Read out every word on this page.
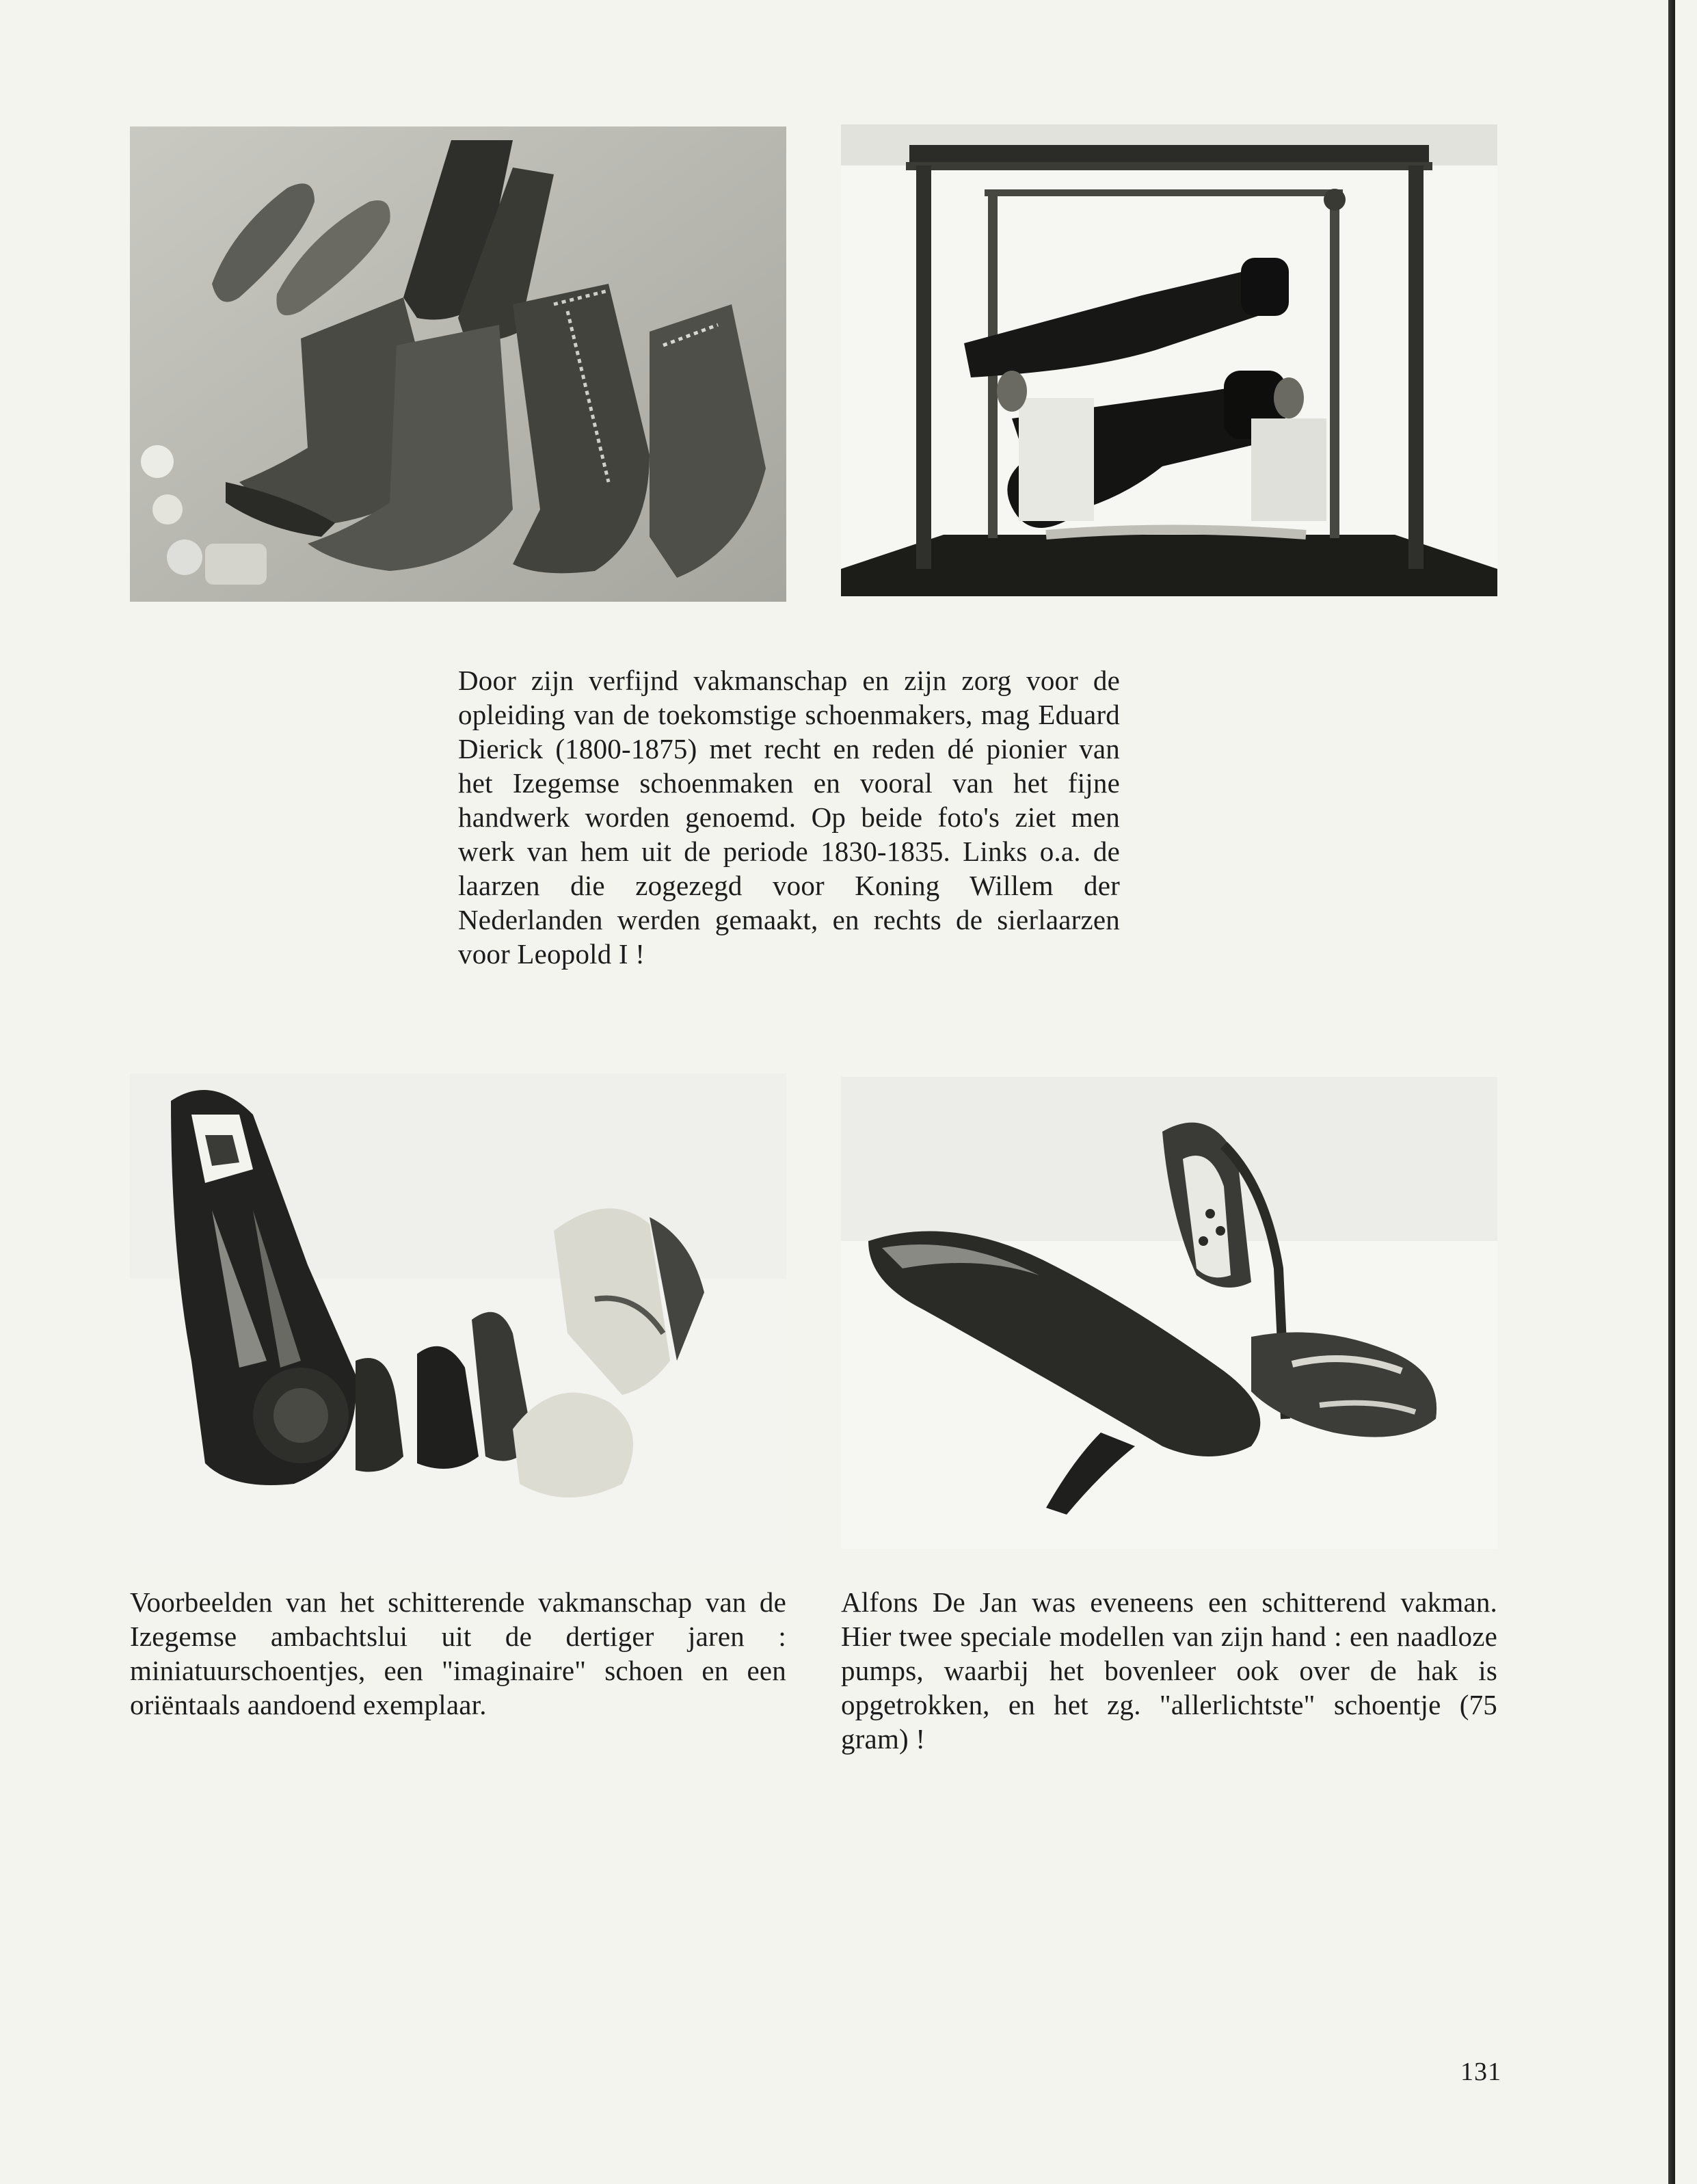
Door zijn verfijnd vakmanschap en zijn zorg voor de opleiding van de toekomstige schoenmakers, mag Eduard Dierick (1800-1875) met recht en reden dé pionier van het Izegemse schoenmaken en vooral van het fijne handwerk worden genoemd. Op beide foto's ziet men werk van hem uit de periode 1830-1835. Links o.a. de laarzen die zogezegd voor Koning Willem der Nederlanden werden gemaakt, en rechts de sierlaarzen voor Leopold I !

Voorbeelden van het schitterende vakmanschap van de Izegemse ambachtslui uit de dertiger jaren : miniatuurschoentjes, een "imaginaire" schoen en een oriëntaals aandoend exemplaar.

Alfons De Jan was eveneens een schitterend vakman. Hier twee speciale modellen van zijn hand : een naadloze pumps, waarbij het bovenleer ook over de hak is opgetrokken, en het zg. "allerlichtste" schoentje (75 gram) !

131
